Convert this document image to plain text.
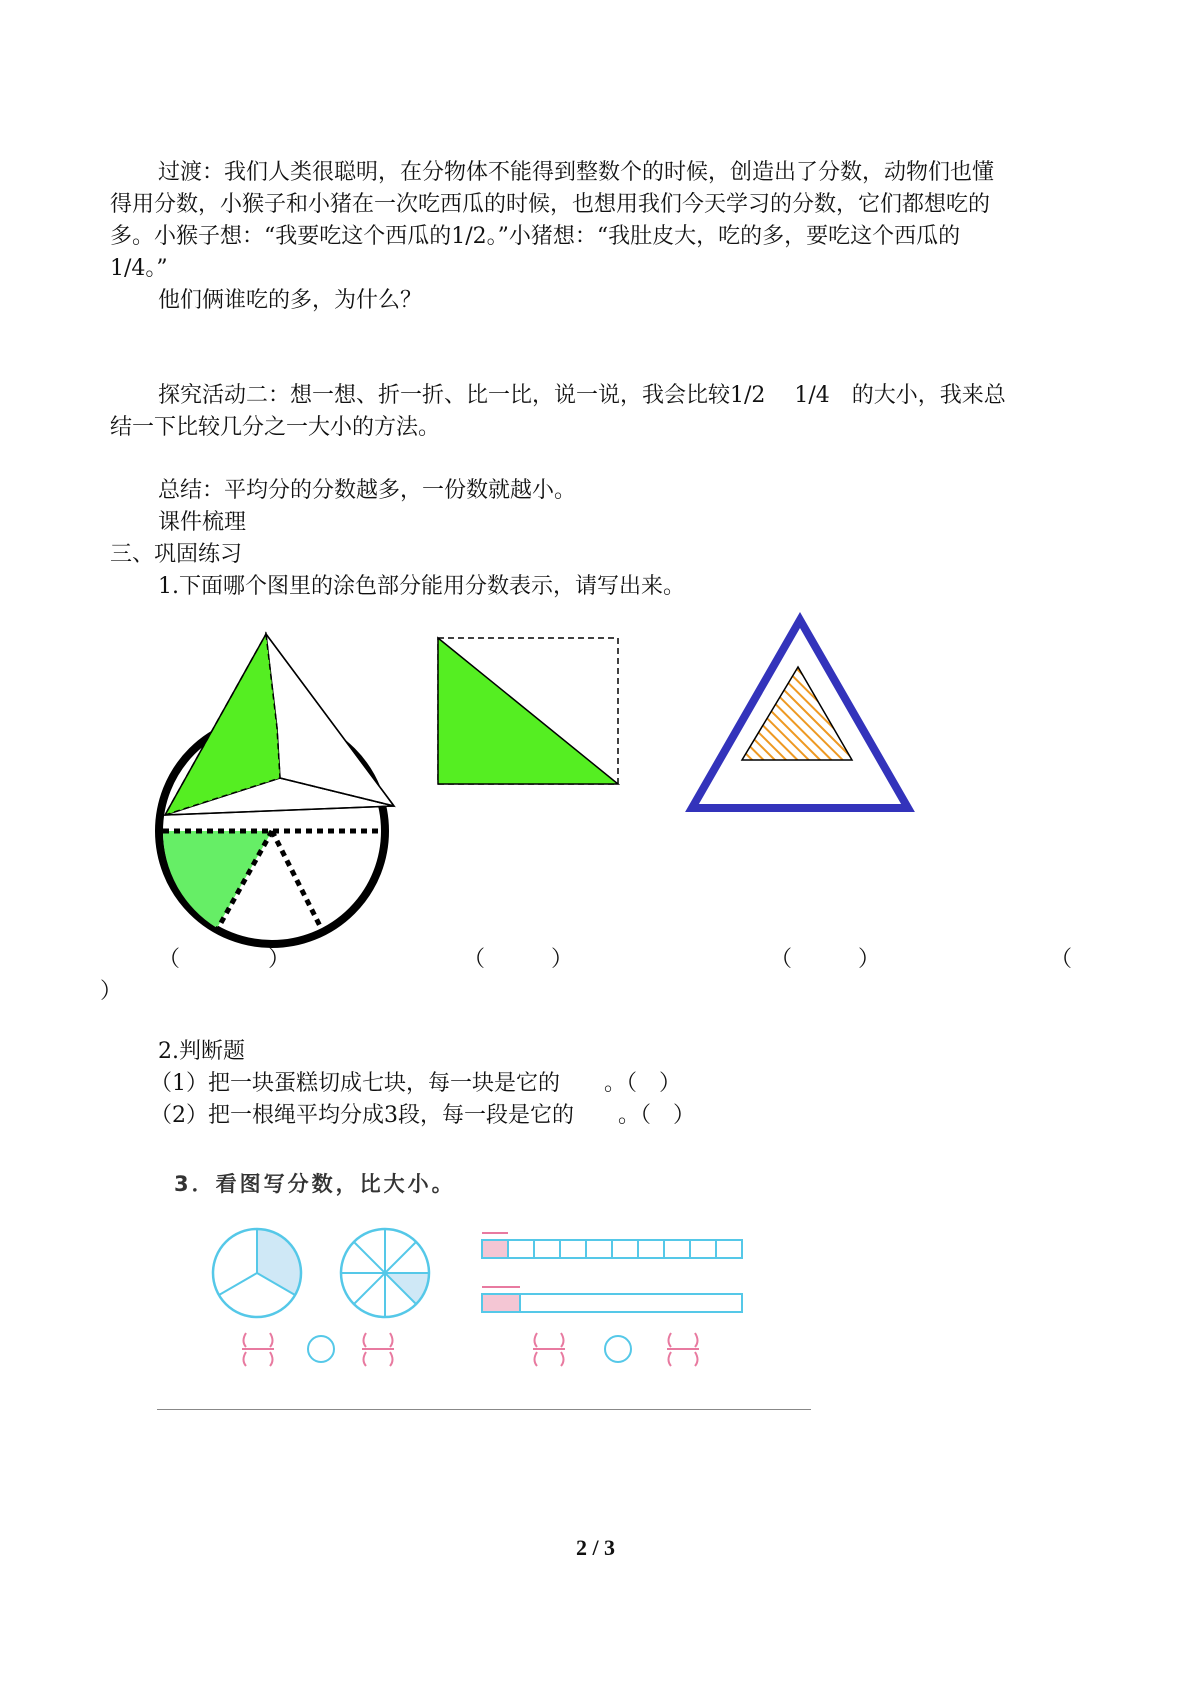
过渡：我们人类很聪明，在分物体不能得到整数个的时候，创造出了分数，动物们也懂

得用分数，小猴子和小猪在一次吃西瓜的时候，也想用我们今天学习的分数，它们都想吃的

多。小猴子想：“我要吃这个西瓜的1/2。”小猪想：“我肚皮大，吃的多，要吃这个西瓜的

1/4。”

他们俩谁吃的多，为什么？

探究活动二：想一想、折一折、比一比，说一说，我会比较1/2　 1/4　的大小，我来总

结一下比较几分之一大小的方法。

总结：平均分的分数越多，一份数就越小。

课件梳理

三、巩固练习

1.下面哪个图里的涂色部分能用分数表示，请写出来。

（　　　　）	（　　　）	（　　　）	（
）

2.判断题

（1）把一块蛋糕切成七块，每一块是它的　　。（　）

（2）把一根绳平均分成3段，每一段是它的　　。（　）

3．看图写分数，比大小。
2 / 3
